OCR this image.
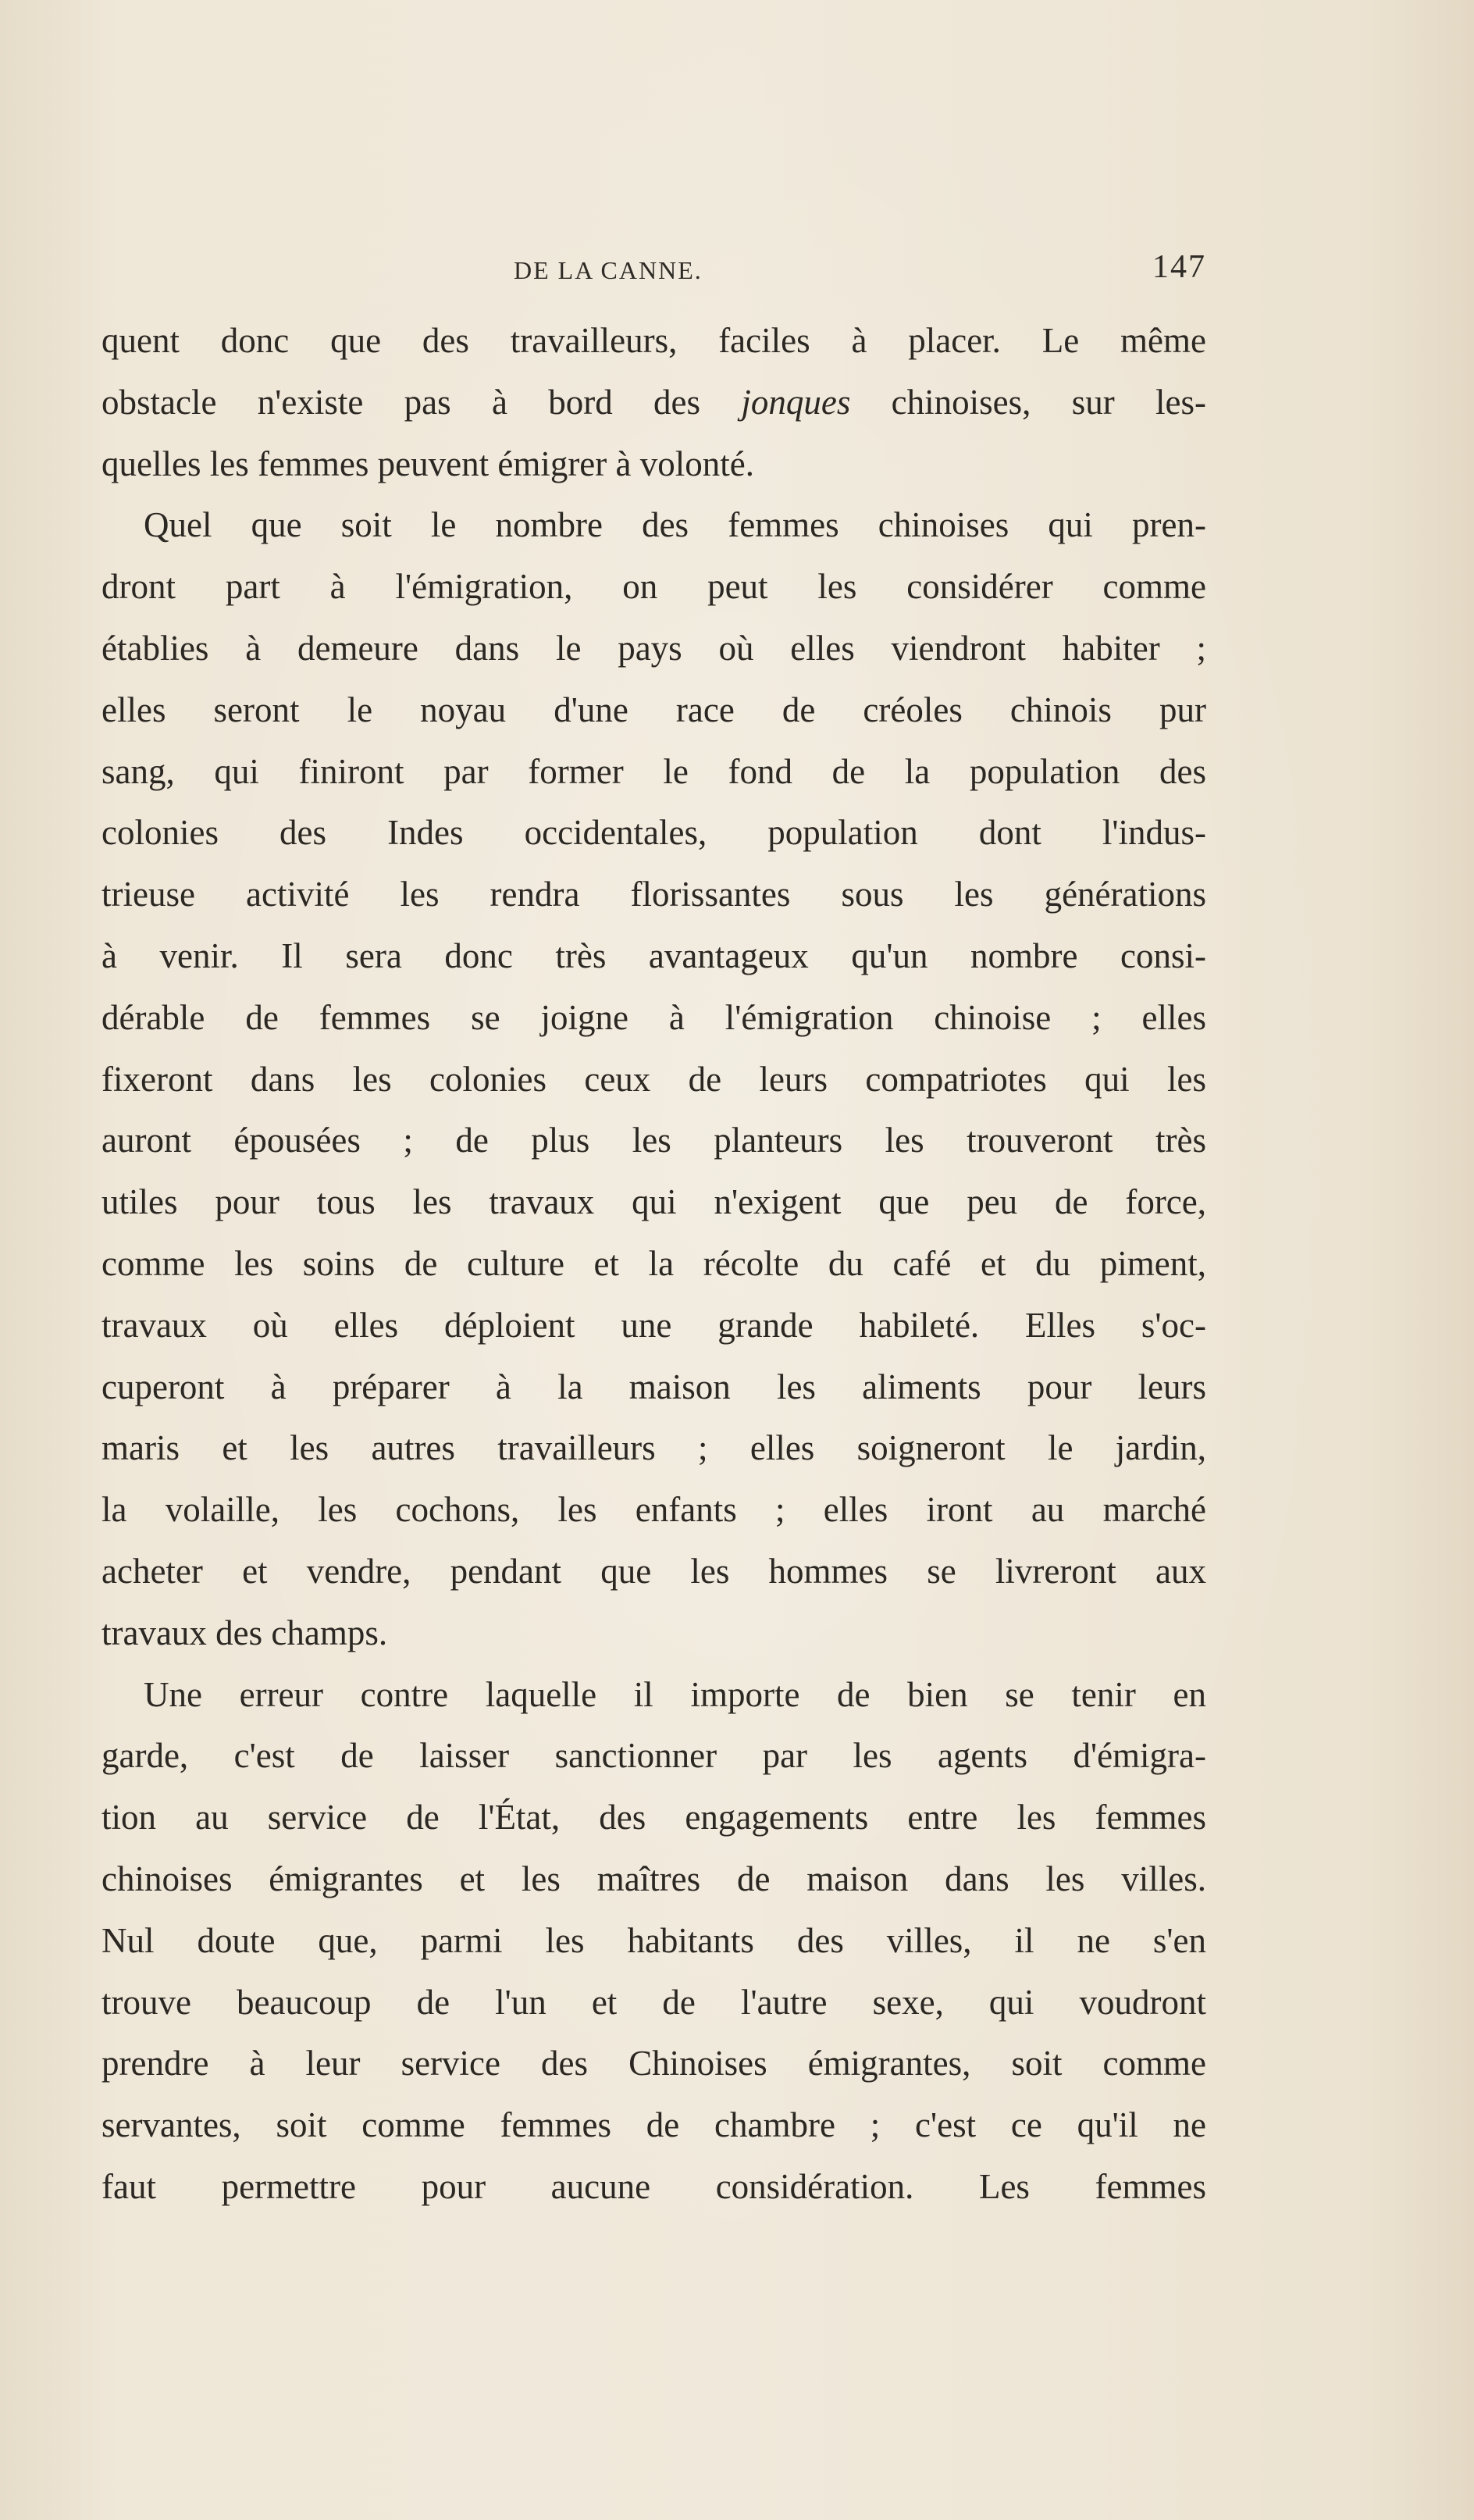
DE LA CANNE.	147
quent donc que des travailleurs, faciles à placer. Le même
obstacle n'existe pas à bord des jonques chinoises, sur les-
quelles les femmes peuvent émigrer à volonté.
Quel que soit le nombre des femmes chinoises qui pren-
dront part à l'émigration, on peut les considérer comme
établies à demeure dans le pays où elles viendront habiter ;
elles seront le noyau d'une race de créoles chinois pur
sang, qui finiront par former le fond de la population des
colonies des Indes occidentales, population dont l'indus-
trieuse activité les rendra florissantes sous les générations
à venir. Il sera donc très avantageux qu'un nombre consi-
dérable de femmes se joigne à l'émigration chinoise ; elles
fixeront dans les colonies ceux de leurs compatriotes qui les
auront épousées ; de plus les planteurs les trouveront très
utiles pour tous les travaux qui n'exigent que peu de force,
comme les soins de culture et la récolte du café et du piment,
travaux où elles déploient une grande habileté. Elles s'oc-
cuperont à préparer à la maison les aliments pour leurs
maris et les autres travailleurs ; elles soigneront le jardin,
la volaille, les cochons, les enfants ; elles iront au marché
acheter et vendre, pendant que les hommes se livreront aux
travaux des champs.
Une erreur contre laquelle il importe de bien se tenir en
garde, c'est de laisser sanctionner par les agents d'émigra-
tion au service de l'État, des engagements entre les femmes
chinoises émigrantes et les maîtres de maison dans les villes.
Nul doute que, parmi les habitants des villes, il ne s'en
trouve beaucoup de l'un et de l'autre sexe, qui voudront
prendre à leur service des Chinoises émigrantes, soit comme
servantes, soit comme femmes de chambre ; c'est ce qu'il ne
faut permettre pour aucune considération. Les femmes
